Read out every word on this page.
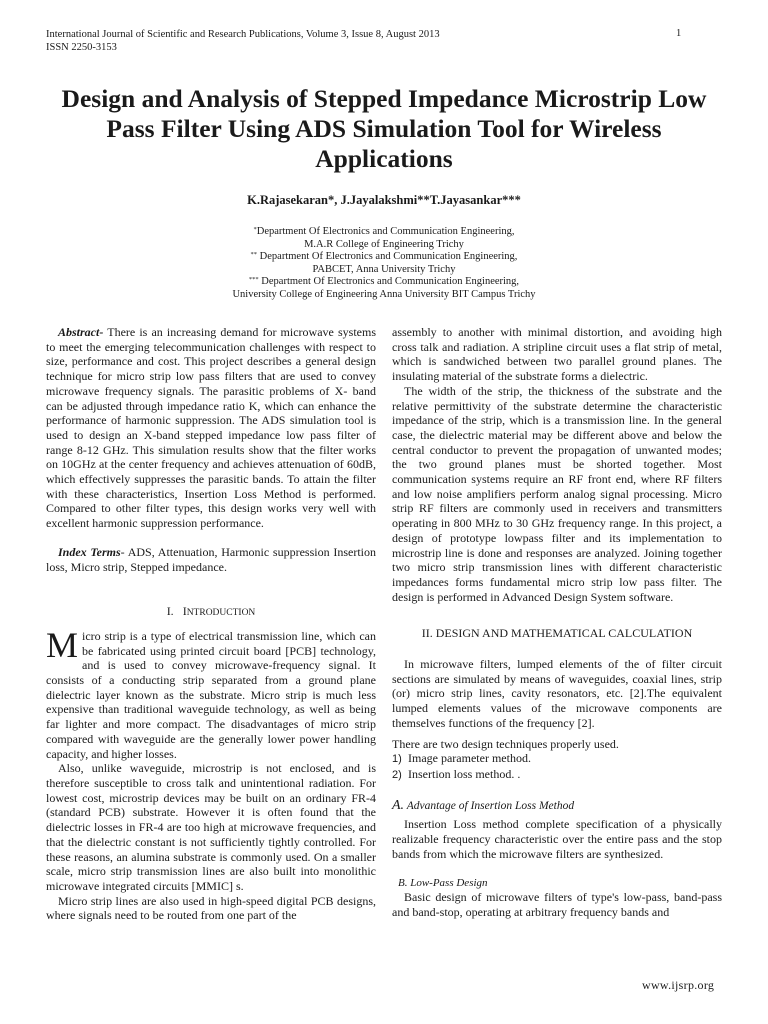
International Journal of Scientific and Research Publications, Volume 3, Issue 8, August 2013
ISSN 2250-3153
1
Design and Analysis of Stepped Impedance Microstrip Low Pass Filter Using ADS Simulation Tool for Wireless Applications
K.Rajasekaran*, J.Jayalakshmi**T.Jayasankar***
*Department Of Electronics and Communication Engineering,
M.A.R College of Engineering Trichy
** Department Of Electronics and Communication Engineering,
PABCET, Anna University Trichy
*** Department Of Electronics and Communication Engineering,
University College of Engineering Anna University BIT Campus Trichy

Abstract- There is an increasing demand for microwave systems to meet the emerging telecommunication challenges with respect to size, performance and cost. This project describes a general design technique for micro strip low pass filters that are used to convey microwave frequency signals. The parasitic problems of X- band can be adjusted through impedance ratio K, which can enhance the performance of harmonic suppression. The ADS simulation tool is used to design an X-band stepped impedance low pass filter of range 8-12 GHz. This simulation results show that the filter works on 10GHz at the center frequency and achieves attenuation of 60dB, which effectively suppresses the parasitic bands. To attain the filter with these characteristics, Insertion Loss Method is performed. Compared to other filter types, this design works very well with excellent harmonic suppression performance.

Index Terms- ADS, Attenuation, Harmonic suppression Insertion loss, Micro strip, Stepped impedance.

I. INTRODUCTION

Micro strip is a type of electrical transmission line, which can be fabricated using printed circuit board [PCB] technology, and is used to convey microwave-frequency signal. It consists of a conducting strip separated from a ground plane dielectric layer known as the substrate. Micro strip is much less expensive than traditional waveguide technology, as well as being far lighter and more compact. The disadvantages of micro strip compared with waveguide are the generally lower power handling capacity, and higher losses.

Also, unlike waveguide, microstrip is not enclosed, and is therefore susceptible to cross talk and unintentional radiation. For lowest cost, microstrip devices may be built on an ordinary FR-4 (standard PCB) substrate. However it is often found that the dielectric losses in FR-4 are too high at microwave frequencies, and that the dielectric constant is not sufficiently tightly controlled. For these reasons, an alumina substrate is commonly used. On a smaller scale, micro strip transmission lines are also built into monolithic microwave integrated circuits [MMIC] s.

Micro strip lines are also used in high-speed digital PCB designs, where signals need to be routed from one part of the

assembly to another with minimal distortion, and avoiding high cross talk and radiation. A stripline circuit uses a flat strip of metal, which is sandwiched between two parallel ground planes. The insulating material of the substrate forms a dielectric.

The width of the strip, the thickness of the substrate and the relative permittivity of the substrate determine the characteristic impedance of the strip, which is a transmission line. In the general case, the dielectric material may be different above and below the central conductor to prevent the propagation of unwanted modes; the two ground planes must be shorted together. Most communication systems require an RF front end, where RF filters and low noise amplifiers perform analog signal processing. Micro strip RF filters are commonly used in receivers and transmitters operating in 800 MHz to 30 GHz frequency range. In this project, a design of prototype lowpass filter and its implementation to microstrip line is done and responses are analyzed. Joining together two micro strip transmission lines with different characteristic impedances forms fundamental micro strip low pass filter. The design is performed in Advanced Design System software.

II. DESIGN AND MATHEMATICAL CALCULATION

In microwave filters, lumped elements of the of filter circuit sections are simulated by means of waveguides, coaxial lines, strip (or) micro strip lines, cavity resonators, etc. [2].The equivalent lumped elements values of the microwave components are themselves functions of the frequency [2].

There are two design techniques properly used.

1) Image parameter method.

2) Insertion loss method. .

A. Advantage of Insertion Loss Method

Insertion Loss method complete specification of a physically realizable frequency characteristic over the entire pass and the stop bands from which the microwave filters are synthesized.

B. Low-Pass Design

Basic design of microwave filters of type's low-pass, band-pass and band-stop, operating at arbitrary frequency bands and

www.ijsrp.org
